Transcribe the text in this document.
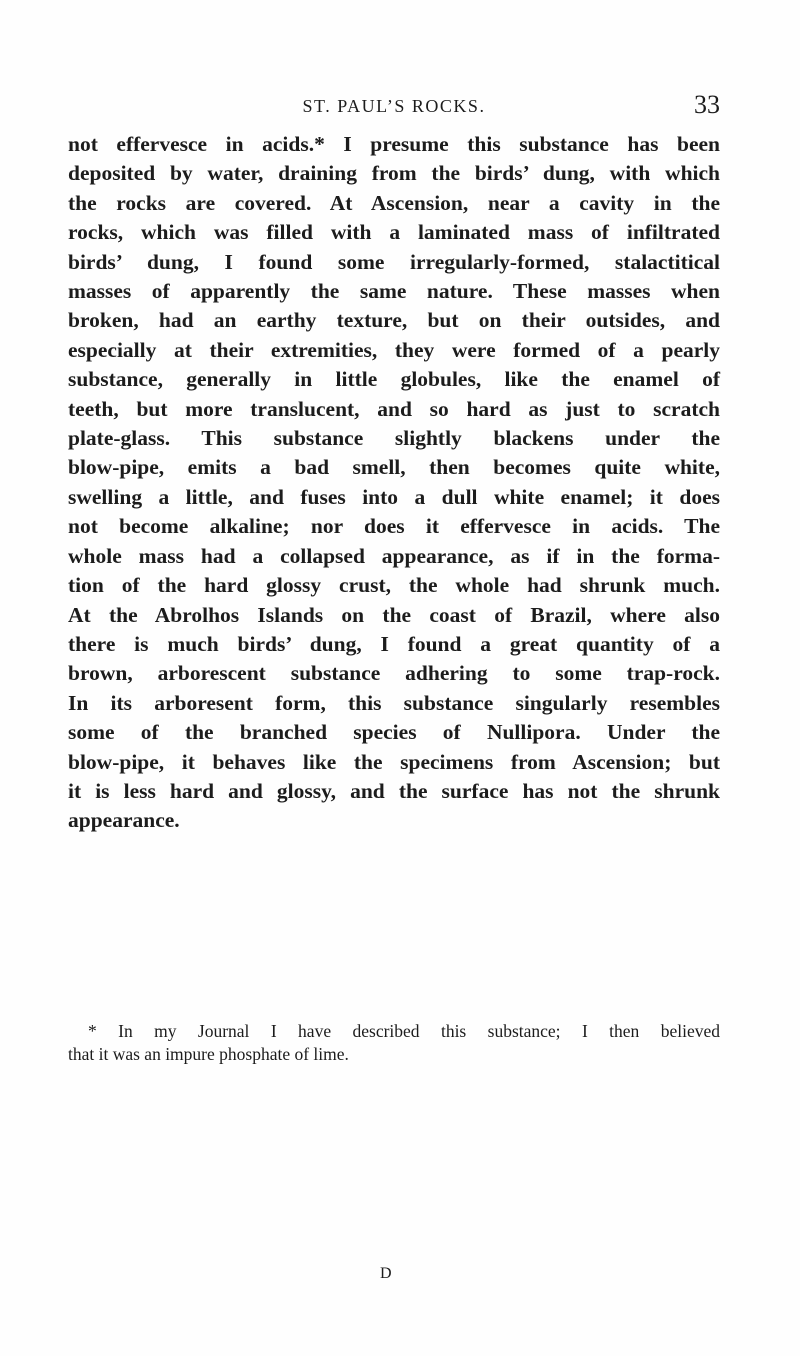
ST. PAUL’S ROCKS.	33
not effervesce in acids.* I presume this substance has been
deposited by water, draining from the birds’ dung, with which
the rocks are covered. At Ascension, near a cavity in the
rocks, which was filled with a laminated mass of infiltrated
birds’ dung, I found some irregularly-formed, stalactitical
masses of apparently the same nature. These masses when
broken, had an earthy texture, but on their outsides, and
especially at their extremities, they were formed of a pearly
substance, generally in little globules, like the enamel of
teeth, but more translucent, and so hard as just to scratch
plate-glass. This substance slightly blackens under the
blow-pipe, emits a bad smell, then becomes quite white,
swelling a little, and fuses into a dull white enamel; it does
not become alkaline; nor does it effervesce in acids. The
whole mass had a collapsed appearance, as if in the forma-
tion of the hard glossy crust, the whole had shrunk much.
At the Abrolhos Islands on the coast of Brazil, where also
there is much birds’ dung, I found a great quantity of a
brown, arborescent substance adhering to some trap-rock.
In its arboresent form, this substance singularly resembles
some of the branched species of Nullipora. Under the
blow-pipe, it behaves like the specimens from Ascension; but
it is less hard and glossy, and the surface has not the shrunk
appearance.
* In my Journal I have described this substance; I then believed
that it was an impure phosphate of lime.
D
